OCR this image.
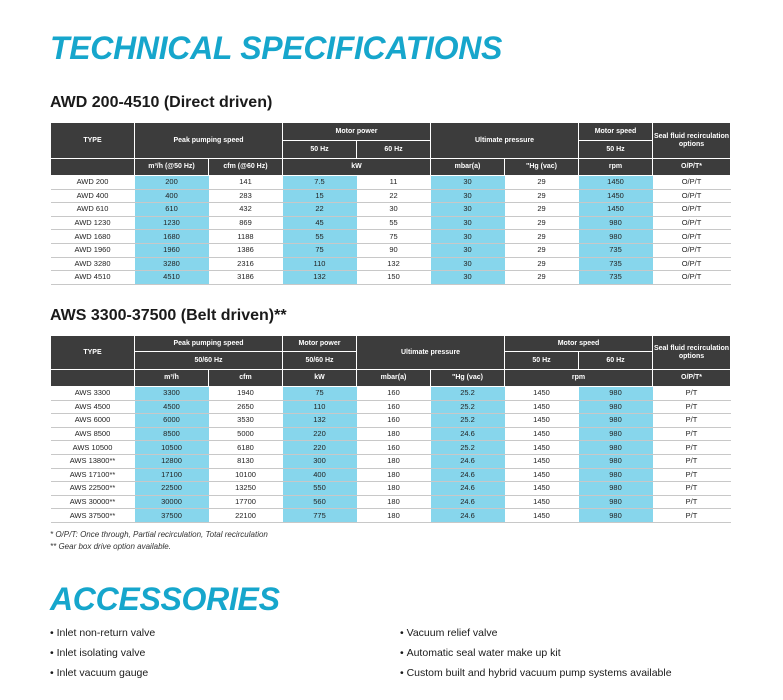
TECHNICAL SPECIFICATIONS
AWD 200-4510 (Direct driven)
TYPE	Peak pumping speed		Motor power		Ultimate pressure		Motor speed	Seal fluid recirculation options
			50 Hz	60 Hz			50 Hz	
	m³/h (@50 Hz)	cfm (@60 Hz)	kW		mbar(a)	"Hg (vac)	rpm	O/P/T*
AWD 200	200	141	7.5	11	30	29	1450	O/P/T
AWD 400	400	283	15	22	30	29	1450	O/P/T
AWD 610	610	432	22	30	30	29	1450	O/P/T
AWD 1230	1230	869	45	55	30	29	980	O/P/T
AWD 1680	1680	1188	55	75	30	29	980	O/P/T
AWD 1960	1960	1386	75	90	30	29	735	O/P/T
AWD 3280	3280	2316	110	132	30	29	735	O/P/T
AWD 4510	4510	3186	132	150	30	29	735	O/P/T
AWS 3300-37500 (Belt driven)**
TYPE	Peak pumping speed		Motor power	Ultimate pressure		Motor speed		Seal fluid recirculation options
	50/60 Hz		50/60 Hz			50 Hz	60 Hz	
	m³/h	cfm	kW	mbar(a)	"Hg (vac)	rpm		O/P/T*
AWS 3300	3300	1940	75	160	25.2	1450	980	P/T
AWS 4500	4500	2650	110	160	25.2	1450	980	P/T
AWS 6000	6000	3530	132	160	25.2	1450	980	P/T
AWS 8500	8500	5000	220	180	24.6	1450	980	P/T
AWS 10500	10500	6180	220	160	25.2	1450	980	P/T
AWS 13800**	12800	8130	300	180	24.6	1450	980	P/T
AWS 17100**	17100	10100	400	180	24.6	1450	980	P/T
AWS 22500**	22500	13250	550	180	24.6	1450	980	P/T
AWS 30000**	30000	17700	560	180	24.6	1450	980	P/T
AWS 37500**	37500	22100	775	180	24.6	1450	980	P/T
* O/P/T: Once through, Partial recirculation, Total recirculation
** Gear box drive option available.
ACCESSORIES
• Inlet non-return valve
• Inlet isolating valve
• Inlet vacuum gauge
• Vacuum relief valve
• Automatic seal water make up kit
• Custom built and hybrid vacuum pump systems available
